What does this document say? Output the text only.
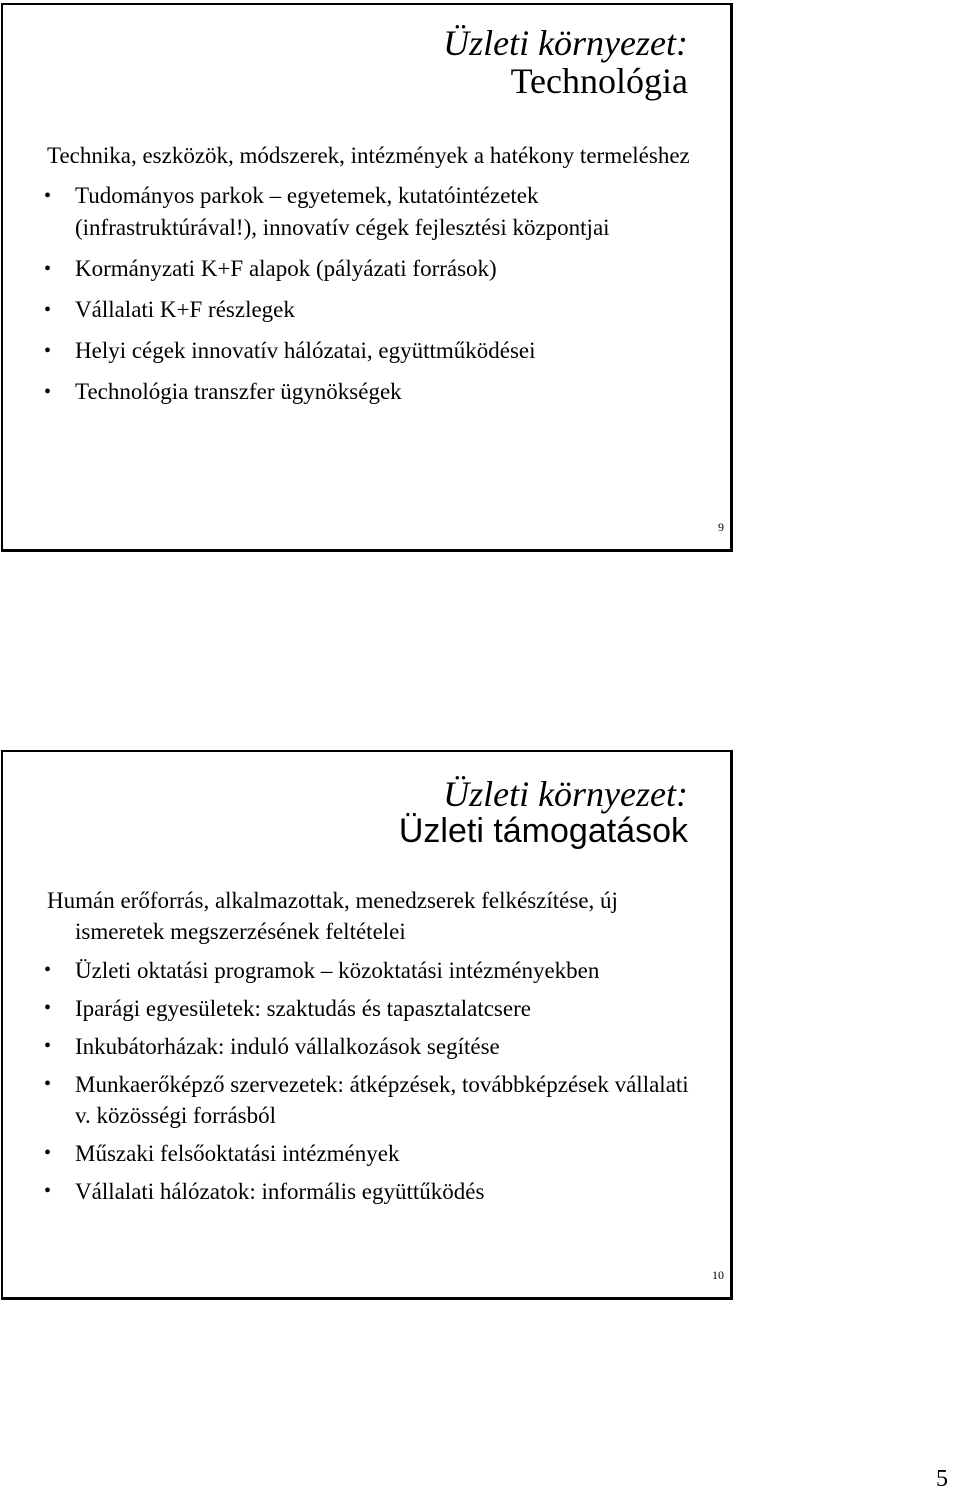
Üzleti környezet:
Technológia

Technika, eszközök, módszerek, intézmények a hatékony termeléshez

• Tudományos parkok – egyetemek, kutatóintézetek (infrastruktúrával!), innovatív cégek fejlesztési központjai
• Kormányzati K+F alapok (pályázati források)
• Vállalati K+F részlegek
• Helyi cégek innovatív hálózatai, együttműködései
• Technológia transzfer ügynökségek
9
Üzleti környezet:
Üzleti támogatások

Humán erőforrás, alkalmazottak, menedzserek felkészítése, új ismeretek megszerzésének feltételei

• Üzleti oktatási programok – közoktatási intézményekben
• Iparági egyesületek: szaktudás és tapasztalatcsere
• Inkubátorházak: induló vállalkozások segítése
• Munkaerőképző szervezetek: átképzések, továbbképzések vállalati v. közösségi forrásból
• Műszaki felsőoktatási intézmények
• Vállalati hálózatok: informális együttűködés
10
5
